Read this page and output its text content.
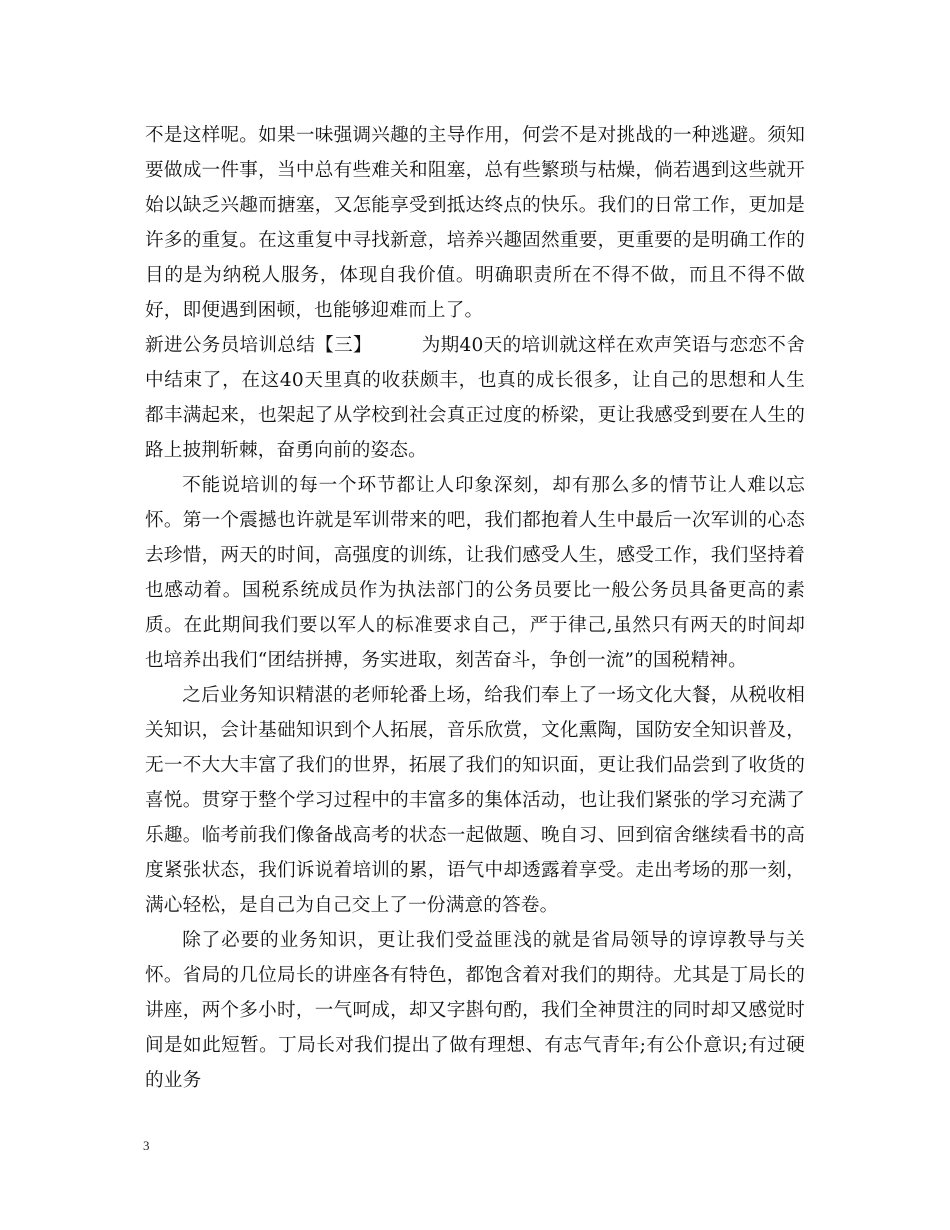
不是这样呢。如果一味强调兴趣的主导作用，何尝不是对挑战的一种逃避。须知要做成一件事，当中总有些难关和阻塞，总有些繁琐与枯燥，倘若遇到这些就开始以缺乏兴趣而搪塞，又怎能享受到抵达终点的快乐。我们的日常工作，更加是许多的重复。在这重复中寻找新意，培养兴趣固然重要，更重要的是明确工作的目的是为纳税人服务，体现自我价值。明确职责所在不得不做，而且不得不做好，即便遇到困顿，也能够迎难而上了。

新进公务员培训总结【三】	为期40天的培训就这样在欢声笑语与恋恋不舍中结束了，在这40天里真的收获颇丰，也真的成长很多，让自己的思想和人生都丰满起来，也架起了从学校到社会真正过度的桥梁，更让我感受到要在人生的路上披荆斩棘，奋勇向前的姿态。

不能说培训的每一个环节都让人印象深刻，却有那么多的情节让人难以忘怀。第一个震撼也许就是军训带来的吧，我们都抱着人生中最后一次军训的心态去珍惜，两天的时间，高强度的训练，让我们感受人生，感受工作，我们坚持着也感动着。国税系统成员作为执法部门的公务员要比一般公务员具备更高的素质。在此期间我们要以军人的标准要求自己，严于律己,虽然只有两天的时间却也培养出我们“团结拼搏，务实进取，刻苦奋斗，争创一流”的国税精神。

之后业务知识精湛的老师轮番上场，给我们奉上了一场文化大餐，从税收相关知识，会计基础知识到个人拓展，音乐欣赏，文化熏陶，国防安全知识普及，无一不大大丰富了我们的世界，拓展了我们的知识面，更让我们品尝到了收货的喜悦。贯穿于整个学习过程中的丰富多的集体活动，也让我们紧张的学习充满了乐趣。临考前我们像备战高考的状态一起做题、晚自习、回到宿舍继续看书的高度紧张状态，我们诉说着培训的累，语气中却透露着享受。走出考场的那一刻，满心轻松，是自己为自己交上了一份满意的答卷。

除了必要的业务知识，更让我们受益匪浅的就是省局领导的谆谆教导与关怀。省局的几位局长的讲座各有特色，都饱含着对我们的期待。尤其是丁局长的讲座，两个多小时，一气呵成，却又字斟句酌，我们全神贯注的同时却又感觉时间是如此短暂。丁局长对我们提出了做有理想、有志气青年;有公仆意识;有过硬的业务

3
